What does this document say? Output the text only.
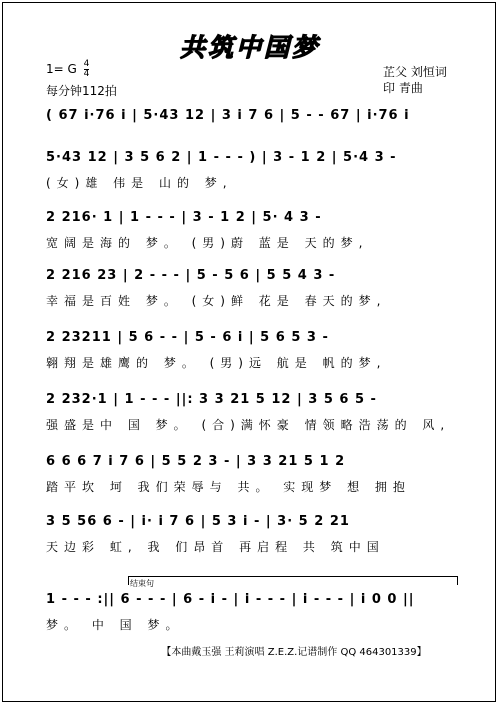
共筑中国梦
1= G $\frac{4}{4}$
每分钟112拍
芷父 刘恒词
印 青曲
( 67 i·76 i | 5·43 12 | 3 i 7 6 | 5 - - 67 | i·76 i
5·43 12 | 3 5 6 2 | 1 - - - ) | 3 - 1 2 | 5·4 3 -
(女)雄 伟是 山的 梦,
2 216· 1 | 1 - - - | 3 - 1 2 | 5· 4 3 -
宽阔是海的 梦。 (男)蔚 蓝是 天的梦,
2 216 23 | 2 - - - | 5 - 5 6 | 5 5 4 3 -
幸福是百姓 梦。 (女)鲜 花是 春天的梦,
2 23211 | 5 6 - - | 5 - 6 i | 5 6 5 3 -
翱翔是雄鹰的 梦。 (男)远 航是 帆的梦,
2 232·1 | 1 - - - ||: 3 3 21 5 12 | 3 5 6 5 -
强盛是中 国 梦。 (合)满怀豪 情领略浩荡的 风,
6 6 6 7 i 7 6 | 5 5 2 3 - | 3 3 21 5 1 2
踏平坎 坷 我们荣辱与 共。 实现梦 想 拥抱
3 5 56 6 - | i· i 7 6 | 5 3 i - | 3· 5 2 21
天边彩 虹, 我 们昂首 再启程 共 筑中国
结束句
1 - - - :|| 6 - - - | 6 - i - | i - - - | i - - - | i 0 0 ||
梦。 中 国 梦。
【本曲戴玉强 王莉演唱 Z.E.Z.记谱制作 QQ 464301339】
